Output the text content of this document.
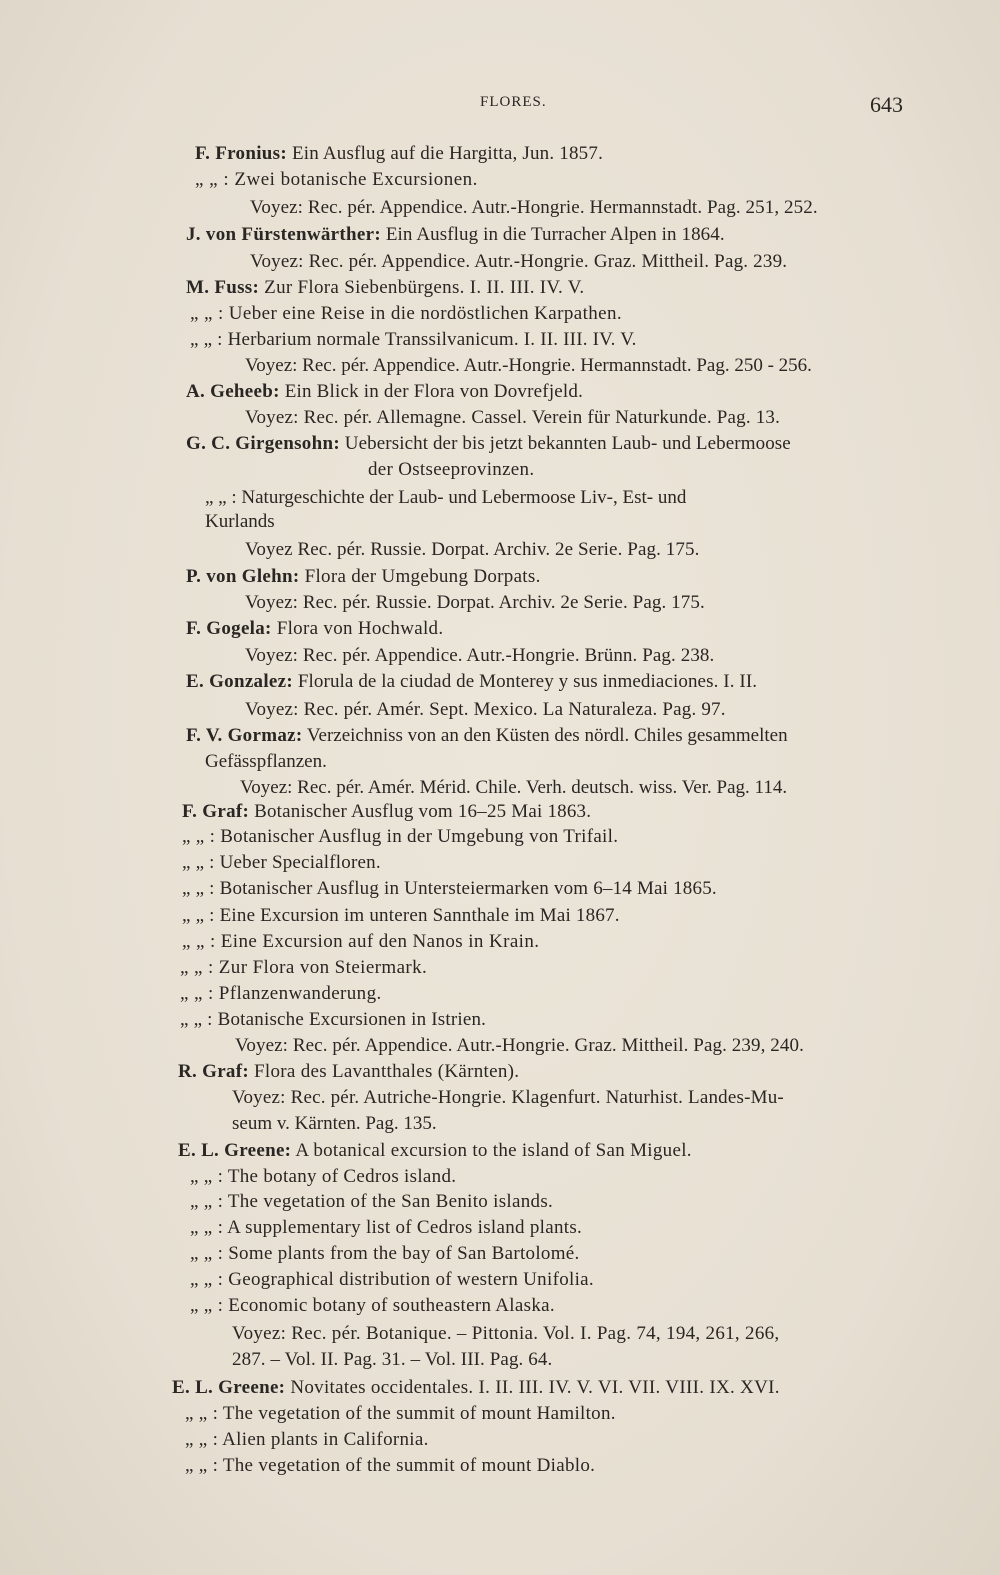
FLORES.	643
F. Fronius: Ein Ausflug auf die Hargitta, Jun. 1857.
„ „ : Zwei botanische Excursionen.
Voyez: Rec. pér. Appendice. Autr.-Hongrie. Hermannstadt. Pag. 251, 252.
J. von Fürstenwärther: Ein Ausflug in die Turracher Alpen in 1864.
Voyez: Rec. pér. Appendice. Autr.-Hongrie. Graz. Mittheil. Pag. 239.
M. Fuss: Zur Flora Siebenbürgens. I. II. III. IV. V.
„ „ : Ueber eine Reise in die nordöstlichen Karpathen.
„ „ : Herbarium normale Transsilvanicum. I. II. III. IV. V.
Voyez: Rec. pér. Appendice. Autr.-Hongrie. Hermannstadt. Pag. 250 - 256.
A. Geheeb: Ein Blick in der Flora von Dovrefjeld.
Voyez: Rec. pér. Allemagne. Cassel. Verein für Naturkunde. Pag. 13.
G. C. Girgensohn: Uebersicht der bis jetzt bekannten Laub- und Lebermoose
der Ostseeprovinzen.
„ „ : Naturgeschichte der Laub- und Lebermoose Liv-, Est- und
Kurlands
Voyez Rec. pér. Russie. Dorpat. Archiv. 2e Serie. Pag. 175.
P. von Glehn: Flora der Umgebung Dorpats.
Voyez: Rec. pér. Russie. Dorpat. Archiv. 2e Serie. Pag. 175.
F. Gogela: Flora von Hochwald.
Voyez: Rec. pér. Appendice. Autr.-Hongrie. Brünn. Pag. 238.
E. Gonzalez: Florula de la ciudad de Monterey y sus inmediaciones. I. II.
Voyez: Rec. pér. Amér. Sept. Mexico. La Naturaleza. Pag. 97.
F. V. Gormaz: Verzeichniss von an den Küsten des nördl. Chiles gesammelten
Gefässpflanzen.
Voyez: Rec. pér. Amér. Mérid. Chile. Verh. deutsch. wiss. Ver. Pag. 114.
F. Graf: Botanischer Ausflug vom 16–25 Mai 1863.
„ „ : Botanischer Ausflug in der Umgebung von Trifail.
„ „ : Ueber Specialfloren.
„ „ : Botanischer Ausflug in Untersteiermarken vom 6–14 Mai 1865.
„ „ : Eine Excursion im unteren Sannthale im Mai 1867.
„ „ : Eine Excursion auf den Nanos in Krain.
„ „ : Zur Flora von Steiermark.
„ „ : Pflanzenwanderung.
„ „ : Botanische Excursionen in Istrien.
Voyez: Rec. pér. Appendice. Autr.-Hongrie. Graz. Mittheil. Pag. 239, 240.
R. Graf: Flora des Lavantthales (Kärnten).
Voyez: Rec. pér. Autriche-Hongrie. Klagenfurt. Naturhist. Landes-Mu-
seum v. Kärnten. Pag. 135.
E. L. Greene: A botanical excursion to the island of San Miguel.
„ „ : The botany of Cedros island.
„ „ : The vegetation of the San Benito islands.
„ „ : A supplementary list of Cedros island plants.
„ „ : Some plants from the bay of San Bartolomé.
„ „ : Geographical distribution of western Unifolia.
„ „ : Economic botany of southeastern Alaska.
Voyez: Rec. pér. Botanique. – Pittonia. Vol. I. Pag. 74, 194, 261, 266,
287. – Vol. II. Pag. 31. – Vol. III. Pag. 64.
E. L. Greene: Novitates occidentales. I. II. III. IV. V. VI. VII. VIII. IX. XVI.
„ „ : The vegetation of the summit of mount Hamilton.
„ „ : Alien plants in California.
„ „ : The vegetation of the summit of mount Diablo.
